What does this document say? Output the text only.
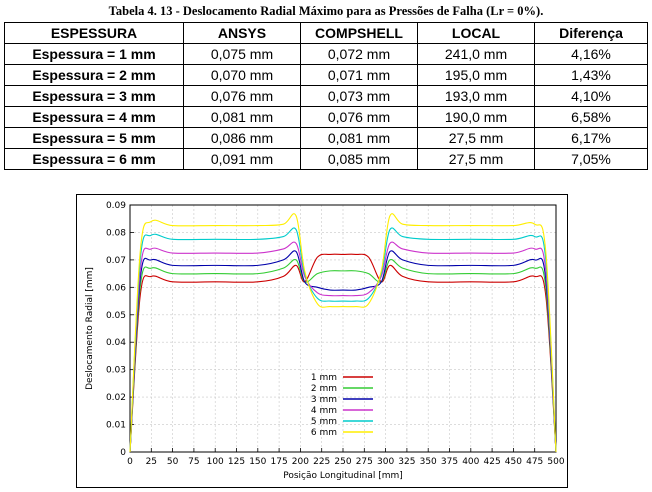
Tabela 4. 13 - Deslocamento Radial Máximo para as Pressões de Falha (Lr = 0%).
ESPESSURA	ANSYS	COMPSHELL	LOCAL	Diferença
Espessura = 1 mm	0,075 mm	0,072 mm	241,0 mm	4,16%
Espessura = 2 mm	0,070 mm	0,071 mm	195,0 mm	1,43%
Espessura = 3 mm	0,076 mm	0,073 mm	193,0 mm	4,10%
Espessura = 4 mm	0,081 mm	0,076 mm	190,0 mm	6,58%
Espessura = 5 mm	0,086 mm	0,081 mm	27,5 mm	6,17%
Espessura = 6 mm	0,091 mm	0,085 mm	27,5 mm	7,05%
0 25 50 75 100 125 150 175 200 225 250 275 300 325 350 375 400 425 450 475 500
0
0.01
0.02
0.03
0.04
0.05
0.06
0.07
0.08
0.09
1 mm
2 mm
3 mm
4 mm
5 mm
6 mm
Posição Longitudinal [mm]
Deslocamento Radial [mm]
